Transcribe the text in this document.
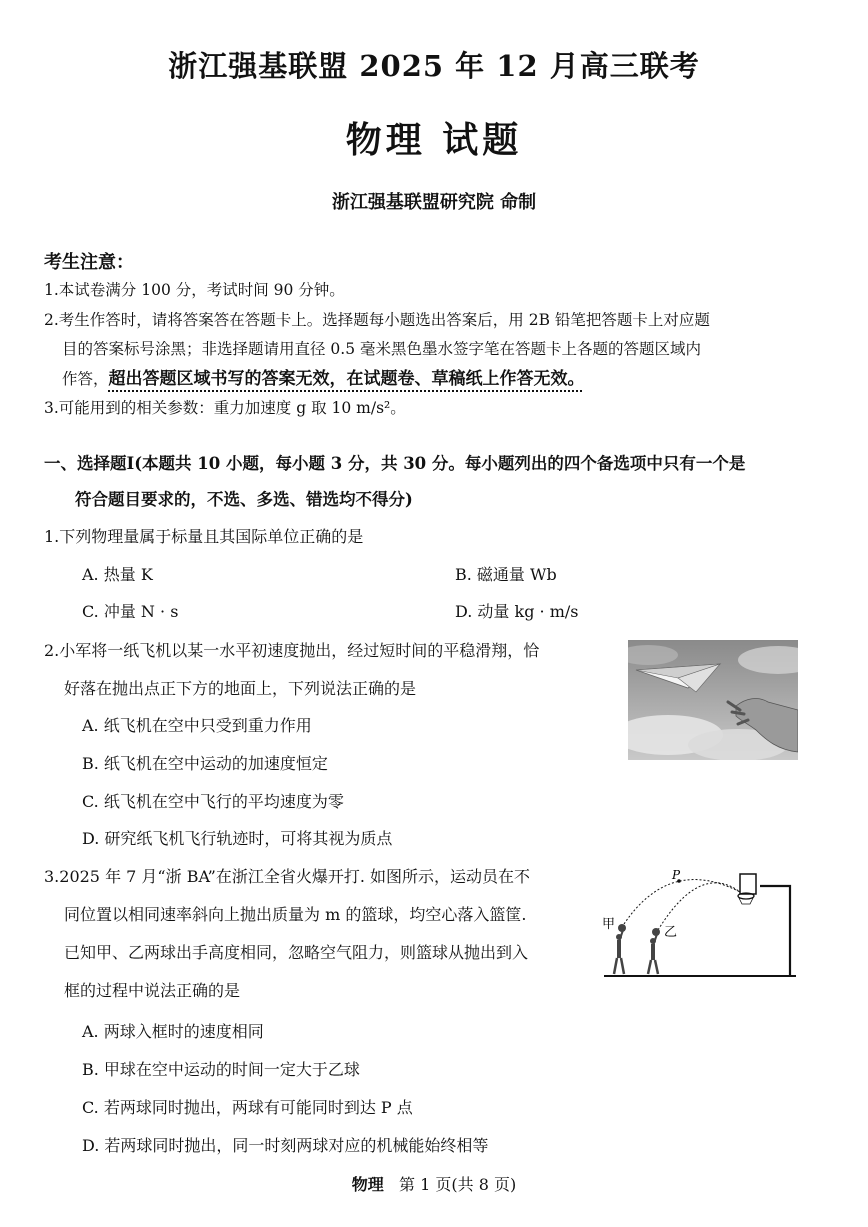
浙江强基联盟 2025 年 12 月高三联考
物理 试题
浙江强基联盟研究院 命制
考生注意：
1.本试卷满分 100 分，考试时间 90 分钟。
2.考生作答时，请将答案答在答题卡上。选择题每小题选出答案后，用 2B 铅笔把答题卡上对应题
目的答案标号涂黑；非选择题请用直径 0.5 毫米黑色墨水签字笔在答题卡上各题的答题区域内
作答，超出答题区域书写的答案无效，在试题卷、草稿纸上作答无效。
3.可能用到的相关参数：重力加速度 g 取 10 m/s²。
一、选择题Ⅰ(本题共 10 小题，每小题 3 分，共 30 分。每小题列出的四个备选项中只有一个是
符合题目要求的，不选、多选、错选均不得分)
1.下列物理量属于标量且其国际单位正确的是
A. 热量 K	B. 磁通量 Wb
C. 冲量 N · s	D. 动量 kg · m/s
2.小军将一纸飞机以某一水平初速度抛出，经过短时间的平稳滑翔，恰
好落在抛出点正下方的地面上，下列说法正确的是
A. 纸飞机在空中只受到重力作用
B. 纸飞机在空中运动的加速度恒定
C. 纸飞机在空中飞行的平均速度为零
D. 研究纸飞机飞行轨迹时，可将其视为质点
3.2025 年 7 月“浙 BA”在浙江全省火爆开打. 如图所示，运动员在不
同位置以相同速率斜向上抛出质量为 m 的篮球，均空心落入篮筐.
已知甲、乙两球出手高度相同，忽略空气阻力，则篮球从抛出到入
框的过程中说法正确的是
A. 两球入框时的速度相同
B. 甲球在空中运动的时间一定大于乙球
C. 若两球同时抛出，两球有可能同时到达 P 点
D. 若两球同时抛出，同一时刻两球对应的机械能始终相等
P
甲
乙
物理 第 1 页(共 8 页)
